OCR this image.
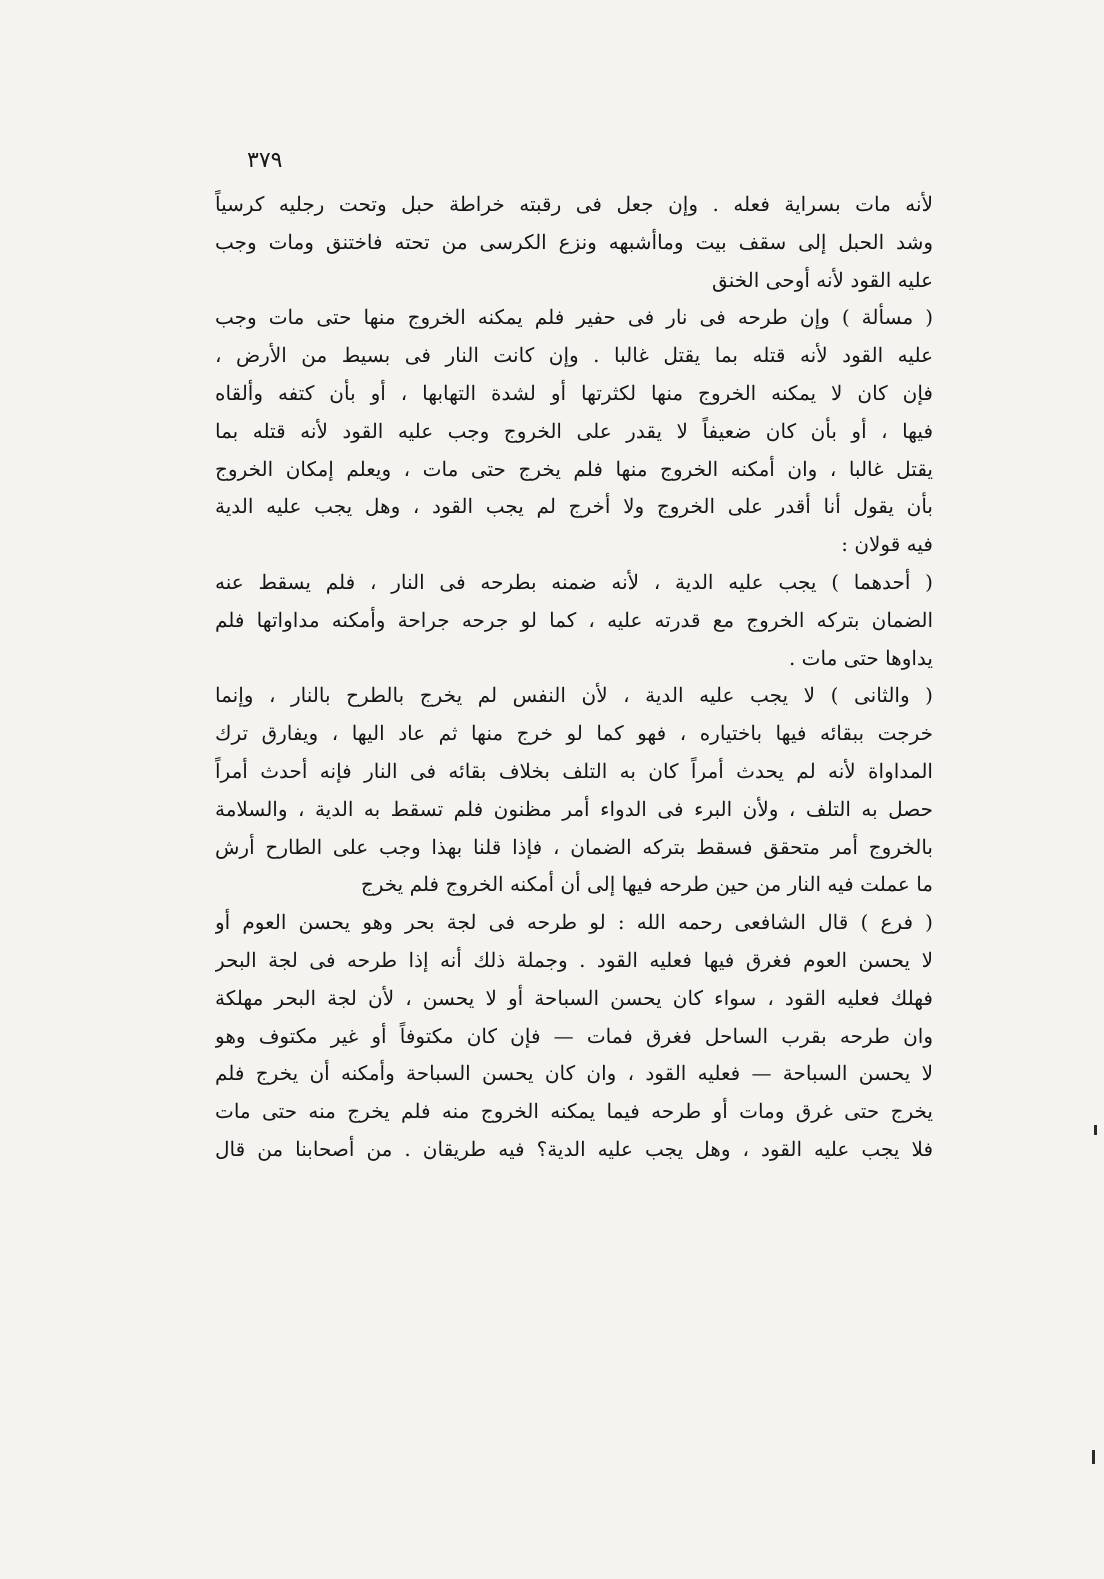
٣٧٩
لأنه مات بسراية فعله . وإن جعل فى رقبته خراطة حبل وتحت رجليه كرسياً
وشد الحبل إلى سقف بيت وماأشبهه ونزع الكرسى من تحته فاختنق ومات وجب
عليه القود لأنه أوحى الخنق
( مسألة ) وإن طرحه فى نار فى حفير فلم يمكنه الخروج منها حتى مات وجب
عليه القود لأنه قتله بما يقتل غالبا . وإن كانت النار فى بسيط من الأرض ،
فإن كان لا يمكنه الخروج منها لكثرتها أو لشدة التهابها ، أو بأن كتفه وألقاه
فيها ، أو بأن كان ضعيفاً لا يقدر على الخروج وجب عليه القود لأنه قتله بما
يقتل غالبا ، وان أمكنه الخروج منها فلم يخرج حتى مات ، ويعلم إمكان الخروج
بأن يقول أنا أقدر على الخروج ولا أخرج لم يجب القود ، وهل يجب عليه الدية
فيه قولان :
( أحدهما ) يجب عليه الدية ، لأنه ضمنه بطرحه فى النار ، فلم يسقط عنه
الضمان بتركه الخروج مع قدرته عليه ، كما لو جرحه جراحة وأمكنه مداواتها فلم
يداوها حتى مات .
( والثانى ) لا يجب عليه الدية ، لأن النفس لم يخرج بالطرح بالنار ، وإنما
خرجت ببقائه فيها باختياره ، فهو كما لو خرج منها ثم عاد اليها ، ويفارق ترك
المداواة لأنه لم يحدث أمراً كان به التلف بخلاف بقائه فى النار فإنه أحدث أمراً
حصل به التلف ، ولأن البرء فى الدواء أمر مظنون فلم تسقط به الدية ، والسلامة
بالخروج أمر متحقق فسقط بتركه الضمان ، فإذا قلنا بهذا وجب على الطارح أرش
ما عملت فيه النار من حين طرحه فيها إلى أن أمكنه الخروج فلم يخرج
( فرع ) قال الشافعى رحمه الله : لو طرحه فى لجة بحر وهو يحسن العوم أو
لا يحسن العوم فغرق فيها فعليه القود . وجملة ذلك أنه إذا طرحه فى لجة البحر
فهلك فعليه القود ، سواء كان يحسن السباحة أو لا يحسن ، لأن لجة البحر مهلكة
وان طرحه بقرب الساحل فغرق فمات — فإن كان مكتوفاً أو غير مكتوف وهو
لا يحسن السباحة — فعليه القود ، وان كان يحسن السباحة وأمكنه أن يخرج فلم
يخرج حتى غرق ومات أو طرحه فيما يمكنه الخروج منه فلم يخرج منه حتى مات
فلا يجب عليه القود ، وهل يجب عليه الدية؟ فيه طريقان . من أصحابنا من قال
